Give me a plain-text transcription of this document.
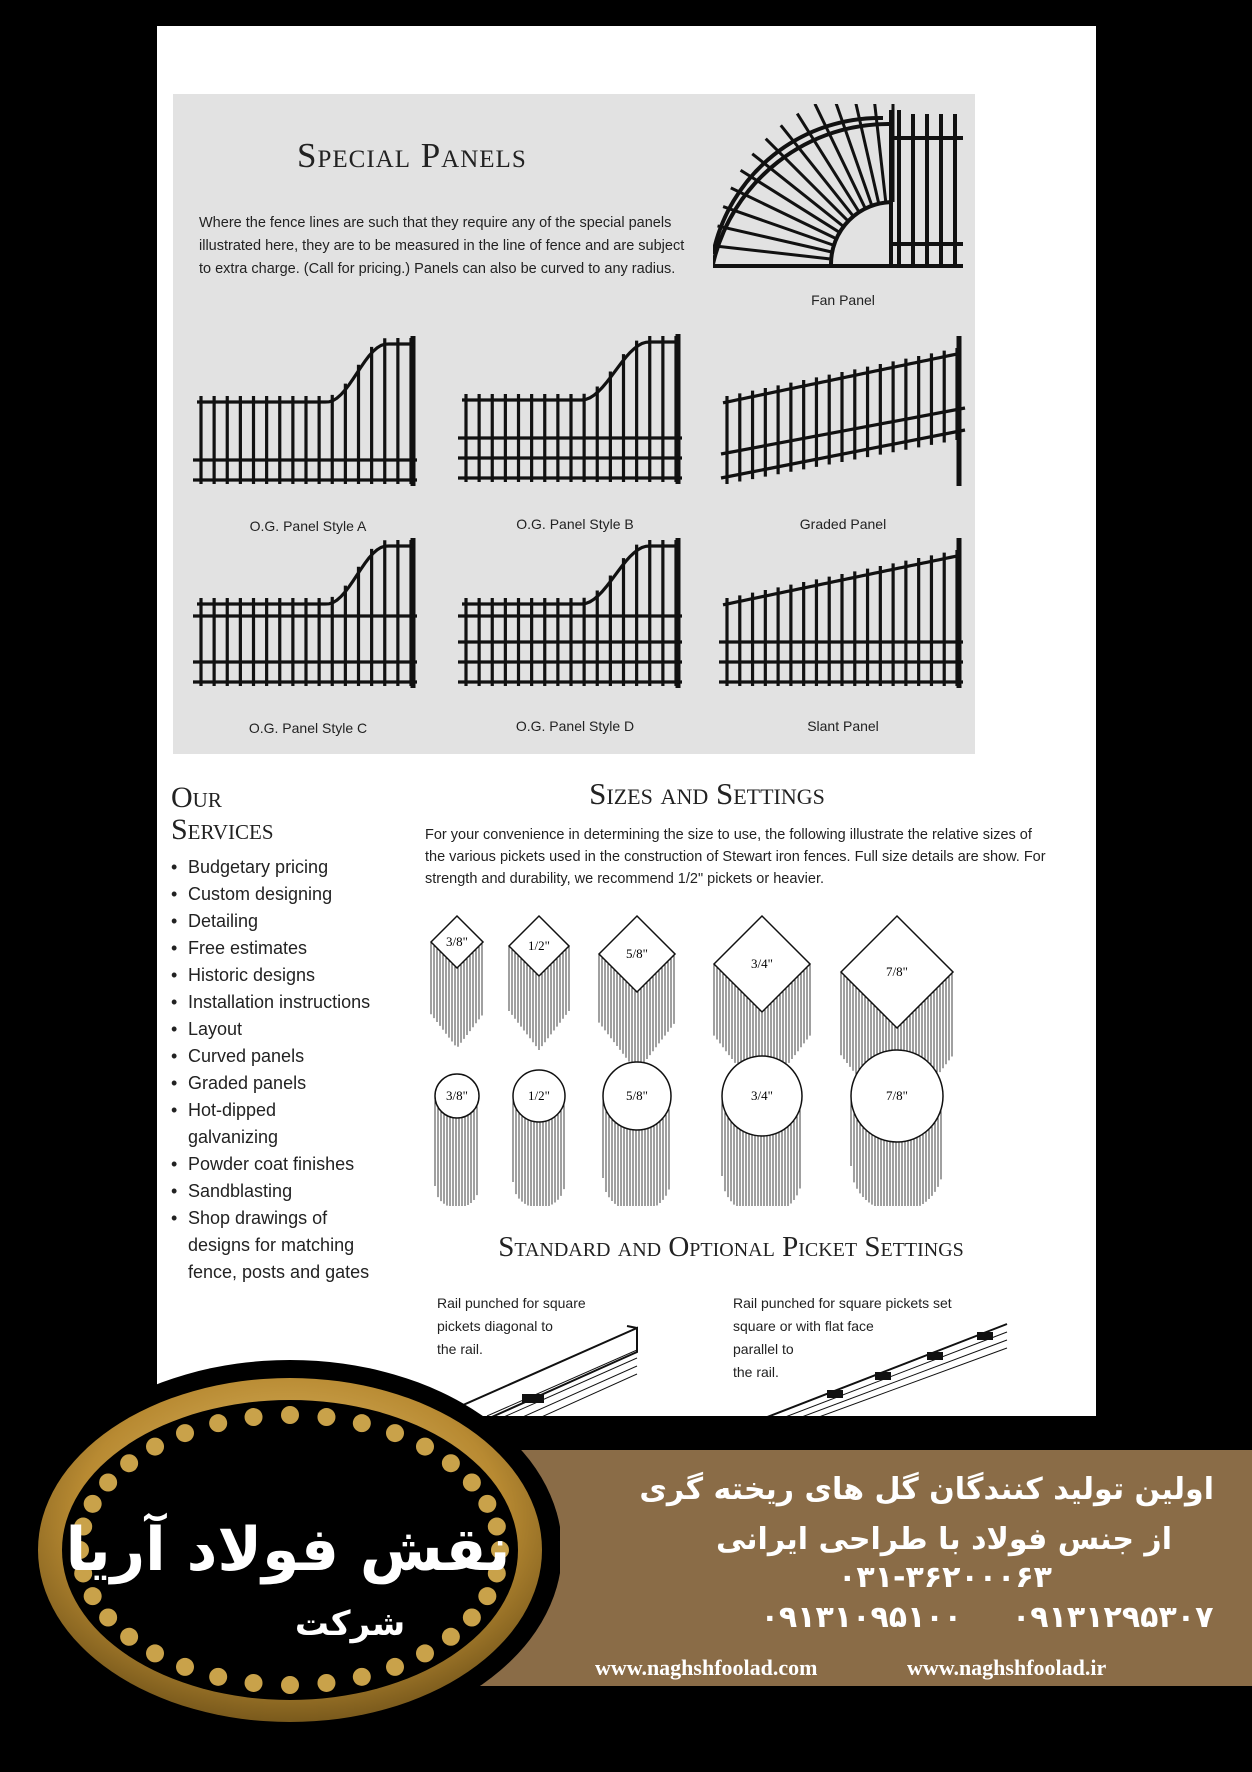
Special Panels
Where the fence lines are such that they require any of the special panels illustrated here, they are to be measured in the line of fence and are subject to extra charge. (Call for pricing.) Panels can also be curved to any radius.
Fan Panel
O.G. Panel Style A	O.G. Panel Style B	Graded Panel
O.G. Panel Style C	O.G. Panel Style D	Slant Panel
Our
Services
• Budgetary pricing
• Custom designing
• Detailing
• Free estimates
• Historic designs
• Installation instructions
• Layout
• Curved panels
• Graded panels
• Hot-dipped galvanizing
• Powder coat finishes
• Sandblasting
• Shop drawings of designs for matching fence, posts and gates
Sizes and Settings
For your convenience in determining the size to use, the following illustrate the relative sizes of the various pickets used in the construction of Stewart iron fences. Full size details are show. For strength and durability, we recommend 1/2" pickets or heavier.
3/8"	1/2"
5/8"
3/4"
7/8"
3/8"	1/2"	5/8"	3/4"	7/8"
Standard and Optional Picket Settings
Rail punched for square
pickets diagonal to
the rail.
Rail punched for square pickets set
square or with flat face
parallel to
the rail.
اولین تولید کنندگان گل های ریخته گری
از جنس فولاد با طراحی ایرانی
۰۳۱-۳۶۲۰۰۰۶۳
۰۹۱۳۱۲۹۵۳۰۷
۰۹۱۳۱۰۹۵۱۰۰
www.naghshfoolad.com	www.naghshfoolad.ir
نقش فولاد آریا
شرکت
